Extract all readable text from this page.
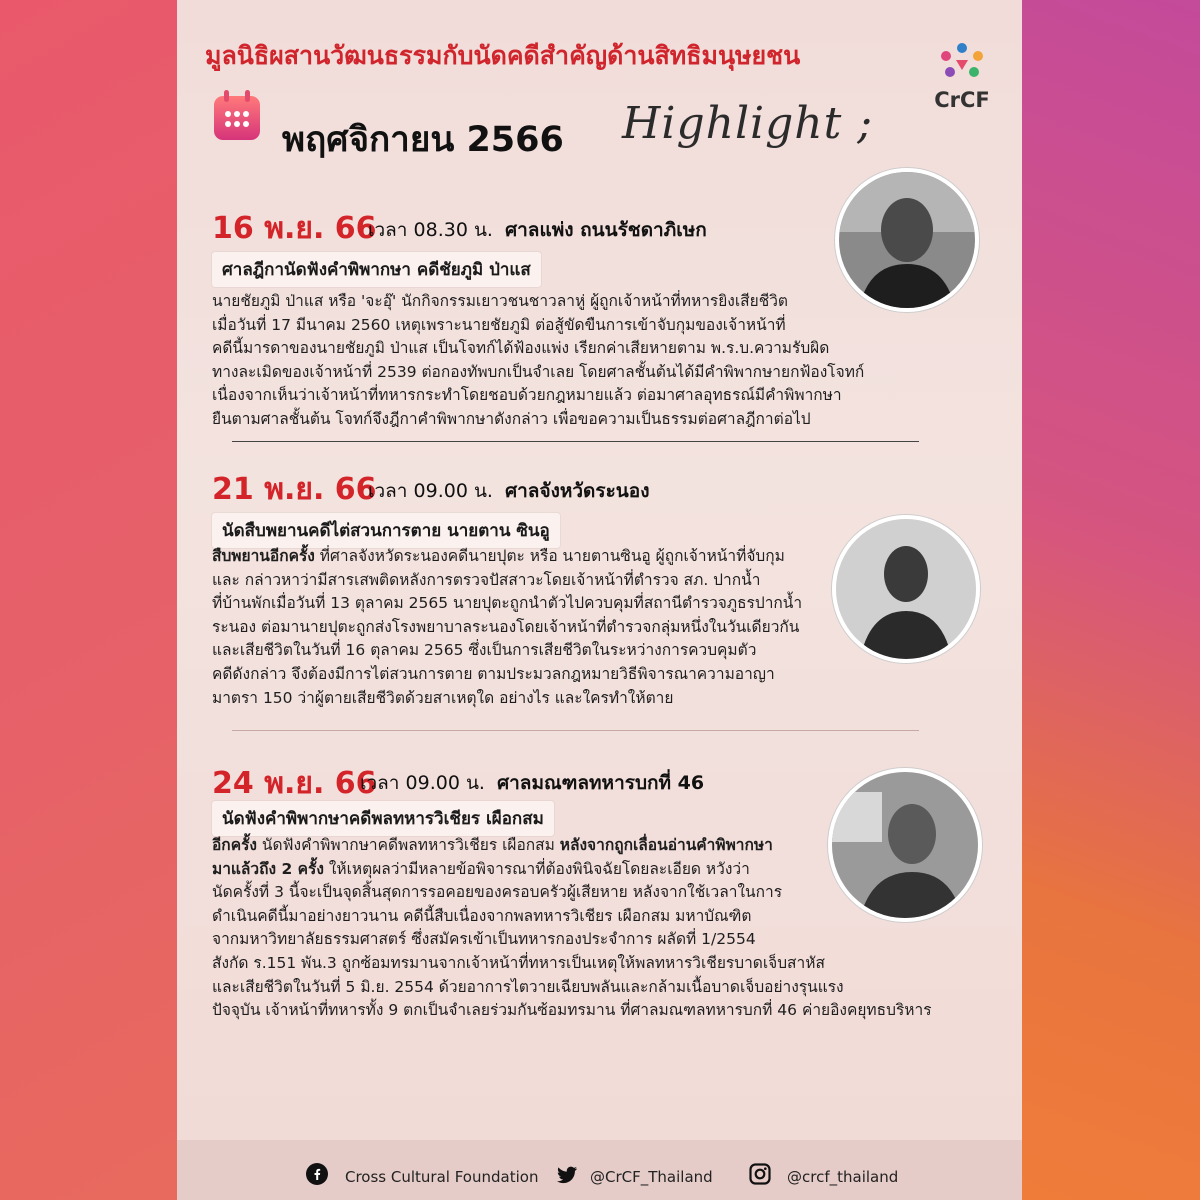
มูลนิธิผสานวัฒนธรรมกับนัดคดีสำคัญด้านสิทธิมนุษยชน
พฤศจิกายน 2566 Highlight ;	CrCF
16 พ.ย. 66
เวลา 08.30 น. ศาลแพ่ง ถนนรัชดาภิเษก
ศาลฎีกานัดฟังคำพิพากษา คดีชัยภูมิ ป่าแส
นายชัยภูมิ ป่าแส หรือ 'จะอุ๊' นักกิจกรรมเยาวชนชาวลาหู่ ผู้ถูกเจ้าหน้าที่ทหารยิงเสียชีวิต
เมื่อวันที่ 17 มีนาคม 2560 เหตุเพราะนายชัยภูมิ ต่อสู้ขัดขืนการเข้าจับกุมของเจ้าหน้าที่
คดีนี้มารดาของนายชัยภูมิ ป่าแส เป็นโจทก์ได้ฟ้องแพ่ง เรียกค่าเสียหายตาม พ.ร.บ.ความรับผิด
ทางละเมิดของเจ้าหน้าที่ 2539 ต่อกองทัพบกเป็นจำเลย โดยศาลชั้นต้นได้มีคำพิพากษายกฟ้องโจทก์
เนื่องจากเห็นว่าเจ้าหน้าที่ทหารกระทำโดยชอบด้วยกฎหมายแล้ว ต่อมาศาลอุทธรณ์มีคำพิพากษา
ยืนตามศาลชั้นต้น โจทก์จึงฎีกาคำพิพากษาดังกล่าว เพื่อขอความเป็นธรรมต่อศาลฎีกาต่อไป
21 พ.ย. 66
เวลา 09.00 น. ศาลจังหวัดระนอง
นัดสืบพยานคดีไต่สวนการตาย นายตาน ซินอู
สืบพยานอีกครั้ง ที่ศาลจังหวัดระนองคดีนายปุตะ หรือ นายตานซินอู ผู้ถูกเจ้าหน้าที่จับกุม
และ กล่าวหาว่ามีสารเสพติดหลังการตรวจปัสสาวะโดยเจ้าหน้าที่ตำรวจ สภ. ปากน้ำ
ที่บ้านพักเมื่อวันที่ 13 ตุลาคม 2565 นายปุตะถูกนำตัวไปควบคุมที่สถานีตำรวจภูธรปากน้ำ
ระนอง ต่อมานายปุตะถูกส่งโรงพยาบาลระนองโดยเจ้าหน้าที่ตำรวจกลุ่มหนึ่งในวันเดียวกัน
และเสียชีวิตในวันที่ 16 ตุลาคม 2565 ซึ่งเป็นการเสียชีวิตในระหว่างการควบคุมตัว
คดีดังกล่าว จึงต้องมีการไต่สวนการตาย ตามประมวลกฎหมายวิธีพิจารณาความอาญา
มาตรา 150 ว่าผู้ตายเสียชีวิตด้วยสาเหตุใด อย่างไร และใครทำให้ตาย
24 พ.ย. 66
เวลา 09.00 น. ศาลมณฑลทหารบกที่ 46
นัดฟังคำพิพากษาคดีพลทหารวิเชียร เผือกสม
อีกครั้ง นัดฟังคำพิพากษาคดีพลทหารวิเชียร เผือกสม หลังจากถูกเลื่อนอ่านคำพิพากษา
มาแล้วถึง 2 ครั้ง ให้เหตุผลว่ามีหลายข้อพิจารณาที่ต้องพินิจฉัยโดยละเอียด หวังว่า
นัดครั้งที่ 3 นี้จะเป็นจุดสิ้นสุดการรอคอยของครอบครัวผู้เสียหาย หลังจากใช้เวลาในการ
ดำเนินคดีนี้มาอย่างยาวนาน คดีนี้สืบเนื่องจากพลทหารวิเชียร เผือกสม มหาบัณฑิต
จากมหาวิทยาลัยธรรมศาสตร์ ซึ่งสมัครเข้าเป็นทหารกองประจำการ ผลัดที่ 1/2554
สังกัด ร.151 พัน.3 ถูกซ้อมทรมานจากเจ้าหน้าที่ทหารเป็นเหตุให้พลทหารวิเชียรบาดเจ็บสาหัส
และเสียชีวิตในวันที่ 5 มิ.ย. 2554 ด้วยอาการไตวายเฉียบพลันและกล้ามเนื้อบาดเจ็บอย่างรุนแรง
ปัจจุบัน เจ้าหน้าที่ทหารทั้ง 9 ตกเป็นจำเลยร่วมกันซ้อมทรมาน ที่ศาลมณฑลทหารบกที่ 46 ค่ายอิงคยุทธบริหาร
Cross Cultural Foundation	@CrCF_Thailand	@crcf_thailand
